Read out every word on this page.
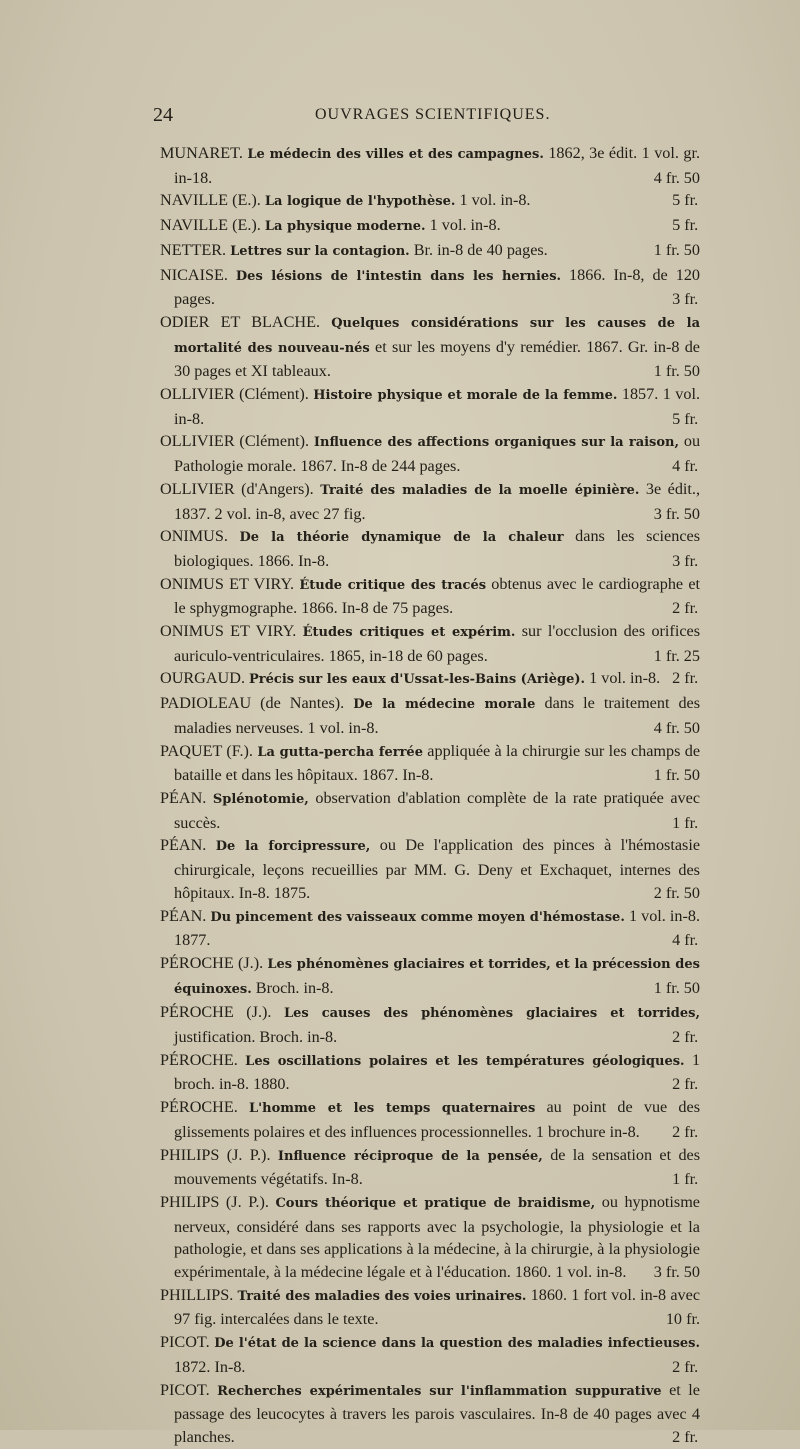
24	OUVRAGES SCIENTIFIQUES.
MUNARET. Le médecin des villes et des campagnes. 1862, 3e édit. 1 vol. gr. in-18.	4 fr. 50
NAVILLE (E.). La logique de l'hypothèse. 1 vol. in-8.	5 fr.
NAVILLE (E.). La physique moderne. 1 vol. in-8.	5 fr.
NETTER. Lettres sur la contagion. Br. in-8 de 40 pages.	1 fr. 50
NICAISE. Des lésions de l'intestin dans les hernies. 1866. In-8, de 120 pages.	3 fr.
ODIER ET BLACHE. Quelques considérations sur les causes de la mortalité des nouveau-nés et sur les moyens d'y remédier. 1867. Gr. in-8 de 30 pages et XI tableaux.	1 fr. 50
OLLIVIER (Clément). Histoire physique et morale de la femme. 1857. 1 vol. in-8.	5 fr.
OLLIVIER (Clément). Influence des affections organiques sur la raison, ou Pathologie morale. 1867. In-8 de 244 pages.	4 fr.
OLLIVIER (d'Angers). Traité des maladies de la moelle épinière. 3e édit., 1837. 2 vol. in-8, avec 27 fig.	3 fr. 50
ONIMUS. De la théorie dynamique de la chaleur dans les sciences biologiques. 1866. In-8.	3 fr.
ONIMUS ET VIRY. Étude critique des tracés obtenus avec le cardiographe et le sphygmographe. 1866. In-8 de 75 pages.	2 fr.
ONIMUS ET VIRY. Études critiques et expérim. sur l'occlusion des orifices auriculo-ventriculaires. 1865, in-18 de 60 pages.	1 fr. 25
OURGAUD. Précis sur les eaux d'Ussat-les-Bains (Ariège). 1 vol. in-8. 2 fr.
PADIOLEAU (de Nantes). De la médecine morale dans le traitement des maladies nerveuses. 1 vol. in-8.	4 fr. 50
PAQUET (F.). La gutta-percha ferrée appliquée à la chirurgie sur les champs de bataille et dans les hôpitaux. 1867. In-8.	1 fr. 50
PÉAN. Splénotomie, observation d'ablation complète de la rate pratiquée avec succès.	1 fr.
PÉAN. De la forcipressure, ou De l'application des pinces à l'hémostasie chirurgicale, leçons recueillies par MM. G. Deny et Exchaquet, internes des hôpitaux. In-8. 1875.	2 fr. 50
PÉAN. Du pincement des vaisseaux comme moyen d'hémostase. 1 vol. in-8. 1877.	4 fr.
PÉROCHE (J.). Les phénomènes glaciaires et torrides, et la précession des équinoxes. Broch. in-8.	1 fr. 50
PÉROCHE (J.). Les causes des phénomènes glaciaires et torrides, justification. Broch. in-8.	2 fr.
PÉROCHE. Les oscillations polaires et les températures géologiques. 1 broch. in-8. 1880.	2 fr.
PÉROCHE. L'homme et les temps quaternaires au point de vue des glissements polaires et des influences processionnelles. 1 brochure in-8. 2 fr.
PHILIPS (J. P.). Influence réciproque de la pensée, de la sensation et des mouvements végétatifs. In-8.	1 fr.
PHILIPS (J. P.). Cours théorique et pratique de braidisme, ou hypnotisme nerveux, considéré dans ses rapports avec la psychologie, la physiologie et la pathologie, et dans ses applications à la médecine, à la chirurgie, à la physiologie expérimentale, à la médecine légale et à l'éducation. 1860. 1 vol. in-8. 3 fr. 50
PHILLIPS. Traité des maladies des voies urinaires. 1860. 1 fort vol. in-8 avec 97 fig. intercalées dans le texte.	10 fr.
PICOT. De l'état de la science dans la question des maladies infectieuses. 1872. In-8.	2 fr.
PICOT. Recherches expérimentales sur l'inflammation suppurative et le passage des leucocytes à travers les parois vasculaires. In-8 de 40 pages avec 4 planches.	2 fr.
